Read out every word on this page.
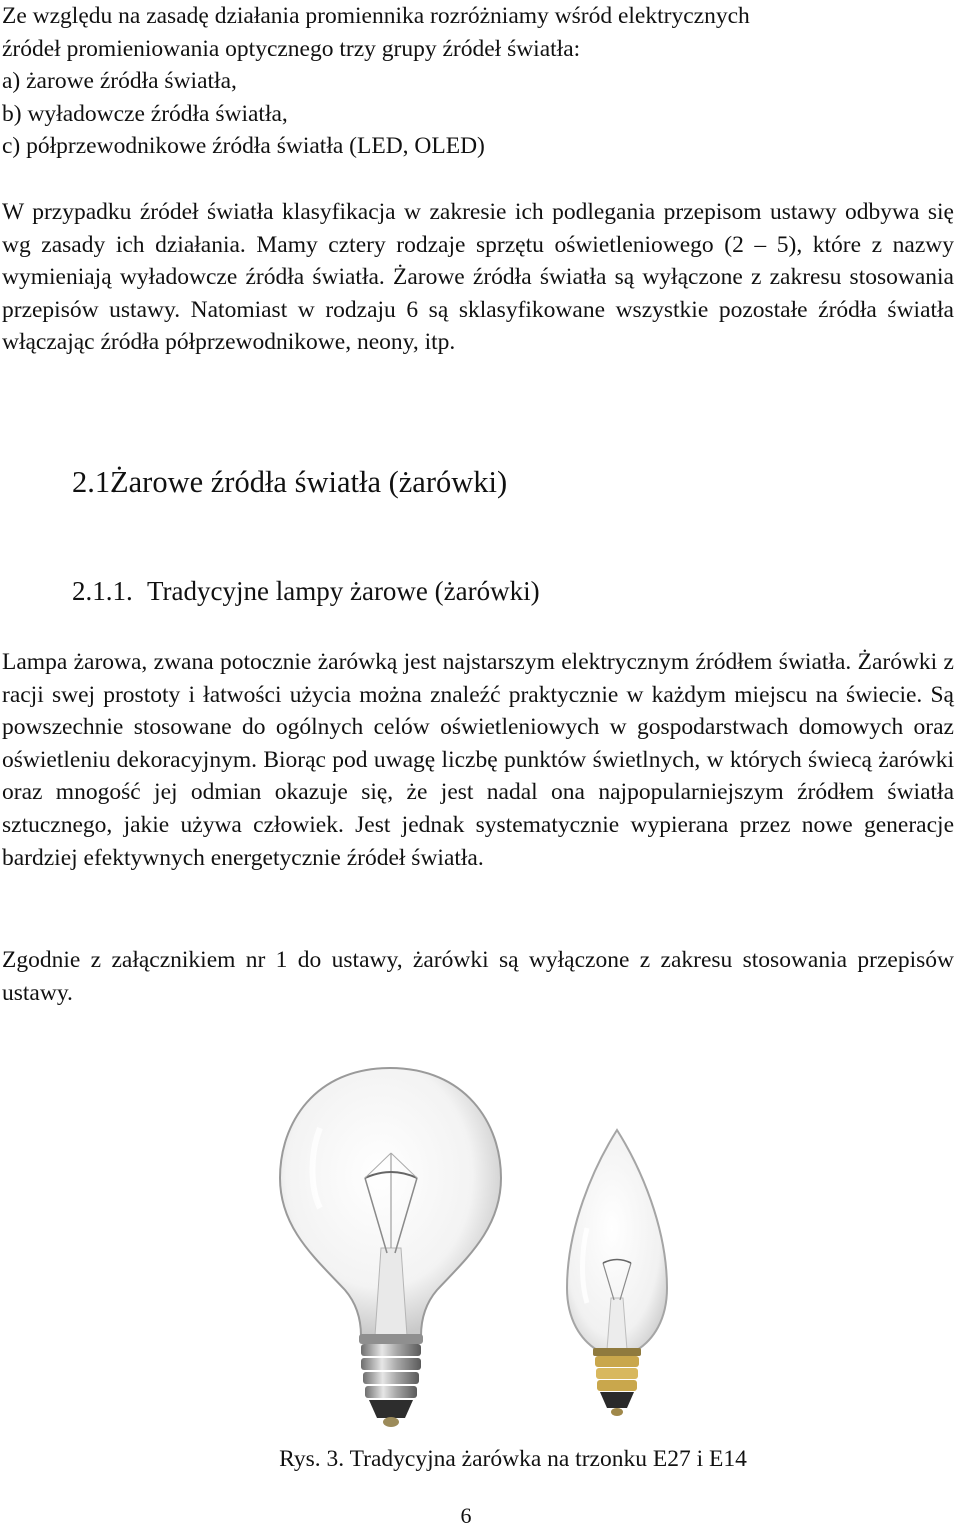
Ze względu na zasadę działania promiennika rozróżniamy wśród elektrycznych

źródeł promieniowania optycznego trzy grupy źródeł światła:

a) żarowe źródła światła,

b) wyładowcze źródła światła,

c) półprzewodnikowe źródła światła (LED, OLED)

W przypadku źródeł światła klasyfikacja w zakresie ich podlegania przepisom ustawy odbywa się wg zasady ich działania. Mamy cztery rodzaje sprzętu oświetleniowego (2 – 5), które z nazwy wymieniają wyładowcze źródła światła. Żarowe źródła światła są wyłączone z zakresu stosowania przepisów ustawy. Natomiast w rodzaju 6 są sklasyfikowane wszystkie pozostałe źródła światła włączając źródła półprzewodnikowe, neony, itp.

2.1.Żarowe źródła światła (żarówki)
2.1.1. Tradycyjne lampy żarowe (żarówki)

Lampa żarowa, zwana potocznie żarówką jest najstarszym elektrycznym źródłem światła. Żarówki z racji swej prostoty i łatwości użycia można znaleźć praktycznie w każdym miejscu na świecie. Są powszechnie stosowane do ogólnych celów oświetleniowych w gospodarstwach domowych oraz oświetleniu dekoracyjnym. Biorąc pod uwagę liczbę punktów świetlnych, w których świecą żarówki oraz mnogość jej odmian okazuje się, że jest nadal ona najpopularniejszym źródłem światła sztucznego, jakie używa człowiek. Jest jednak systematycznie wypierana przez nowe generacje bardziej efektywnych energetycznie źródeł światła.

Zgodnie z załącznikiem nr 1 do ustawy, żarówki są wyłączone z zakresu stosowania przepisów ustawy.

Rys. 3. Tradycyjna żarówka na trzonku E27 i E14
6
